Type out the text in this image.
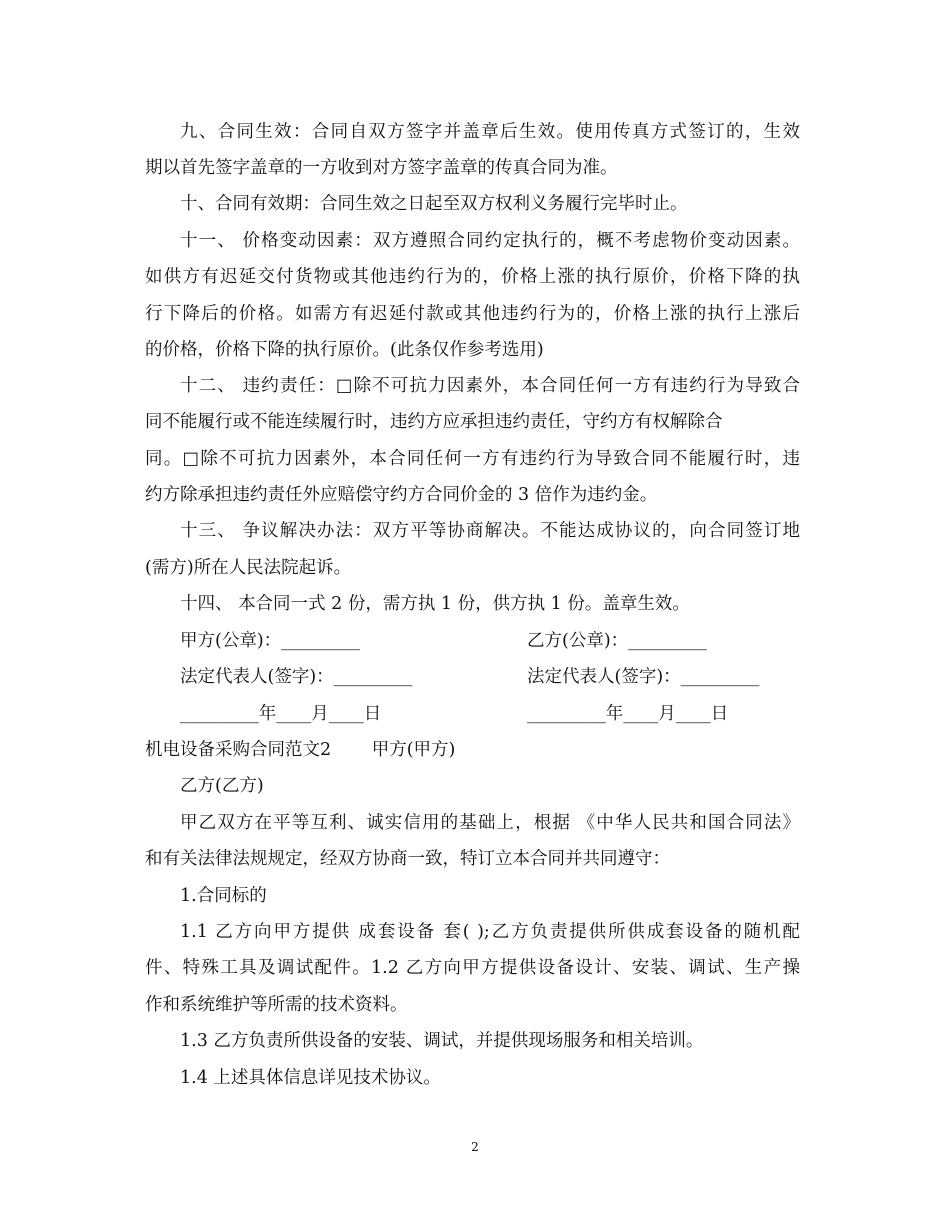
九、合同生效：合同自双方签字并盖章后生效。使用传真方式签订的，生效
期以首先签字盖章的一方收到对方签字盖章的传真合同为准。
十、合同有效期：合同生效之日起至双方权利义务履行完毕时止。
十一、 价格变动因素：双方遵照合同约定执行的，概不考虑物价变动因素。
如供方有迟延交付货物或其他违约行为的，价格上涨的执行原价，价格下降的执
行下降后的价格。如需方有迟延付款或其他违约行为的，价格上涨的执行上涨后
的价格，价格下降的执行原价。(此条仅作参考选用)
十二、 违约责任：□除不可抗力因素外，本合同任何一方有违约行为导致合
同不能履行或不能连续履行时，违约方应承担违约责任，守约方有权解除合
同。□除不可抗力因素外，本合同任何一方有违约行为导致合同不能履行时，违
约方除承担违约责任外应赔偿守约方合同价金的 3 倍作为违约金。
十三、 争议解决办法：双方平等协商解决。不能达成协议的，向合同签订地
(需方)所在人民法院起诉。
十四、 本合同一式 2 份，需方执 1 份，供方执 1 份。盖章生效。
甲方(公章)：_________	乙方(公章)：_________
法定代表人(签字)：_________	法定代表人(签字)：_________
_________年____月____日	_________年____月____日
机电设备采购合同范文2　　 甲方(甲方)
乙方(乙方)
甲乙双方在平等互利、诚实信用的基础上，根据 《中华人民共和国合同法》
和有关法律法规规定，经双方协商一致，特订立本合同并共同遵守：
1.合同标的
1.1 乙方向甲方提供 成套设备 套( );乙方负责提供所供成套设备的随机配
件、特殊工具及调试配件。1.2 乙方向甲方提供设备设计、安装、调试、生产操
作和系统维护等所需的技术资料。
1.3 乙方负责所供设备的安装、调试，并提供现场服务和相关培训。
1.4 上述具体信息详见技术协议。
2
